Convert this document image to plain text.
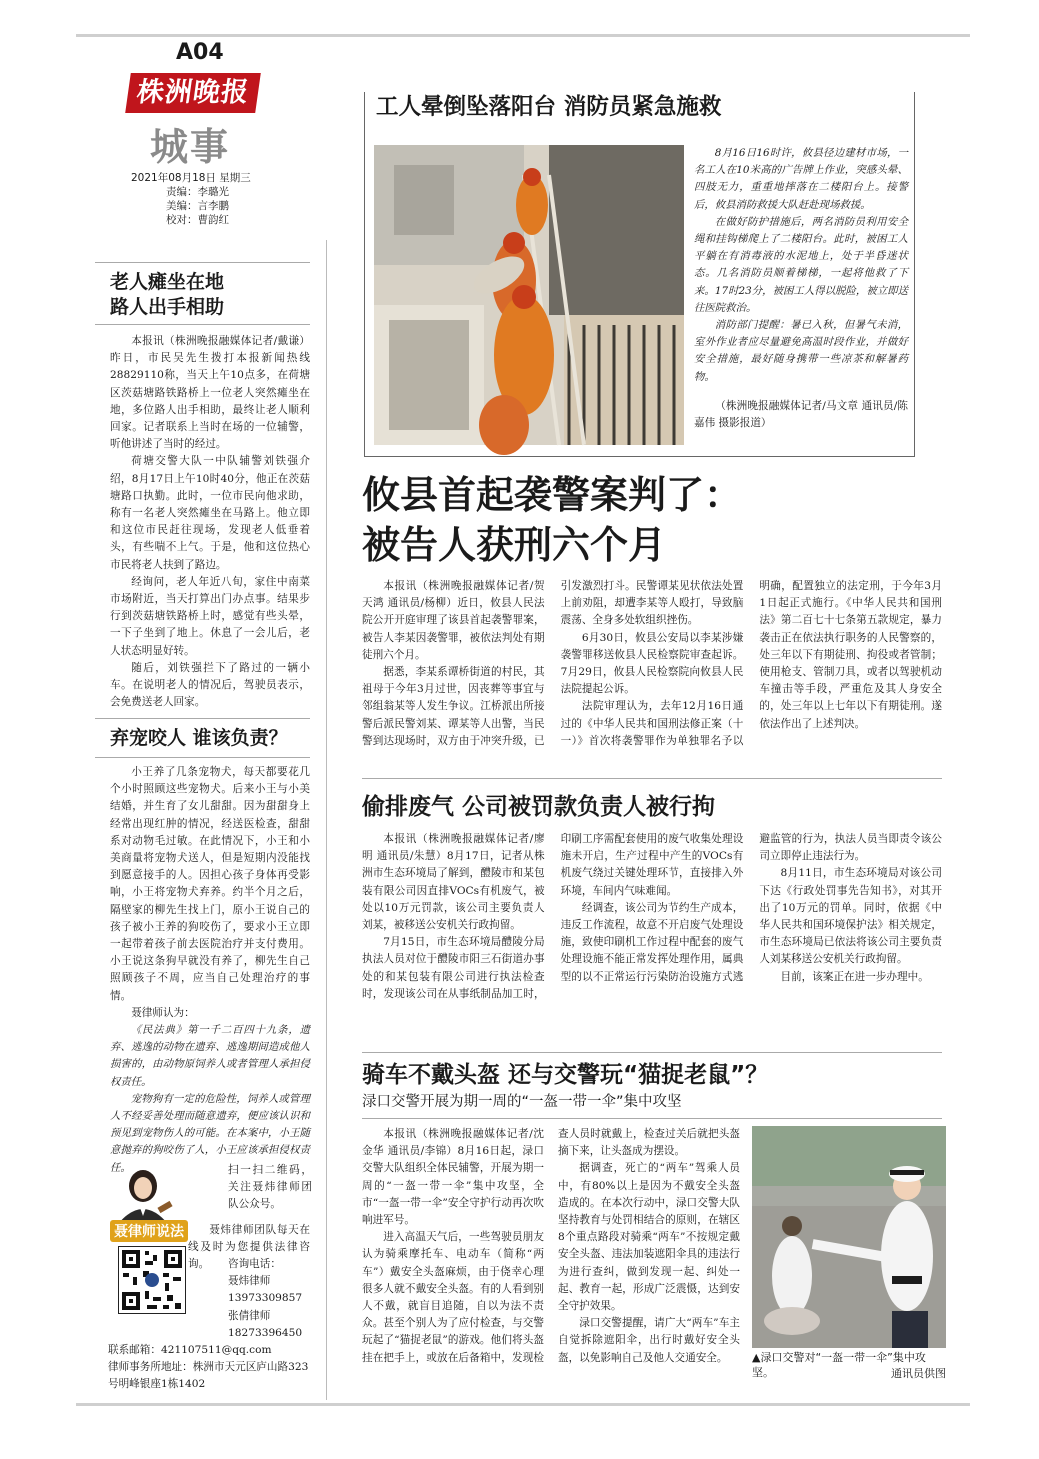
A04
株洲晚报
城事
2021年08月18日 星期三
责编：李璐光
美编：言李鹏
校对：曹韵红
老人瘫坐在地
路人出手相助

本报讯（株洲晚报融媒体记者/戴谦）昨日，市民吴先生拨打本报新闻热线28829110称，当天上午10点多，在荷塘区茨菇塘路铁路桥上一位老人突然瘫坐在地，多位路人出手相助，最终让老人顺利回家。记者联系上当时在场的一位辅警，听他讲述了当时的经过。

荷塘交警大队一中队辅警刘铁强介绍，8月17日上午10时40分，他正在茨菇塘路口执勤。此时，一位市民向他求助，称有一名老人突然瘫坐在马路上。他立即和这位市民赶往现场，发现老人低垂着头，有些喘不上气。于是，他和这位热心市民将老人扶到了路边。

经询问，老人年近八旬，家住中南菜市场附近，当天打算出门办点事。结果步行到茨菇塘铁路桥上时，感觉有些头晕，一下子坐到了地上。休息了一会儿后，老人状态明显好转。

随后，刘铁强拦下了路过的一辆小车。在说明老人的情况后，驾驶员表示，会免费送老人回家。

弃宠咬人 谁该负责？

小王养了几条宠物犬，每天都要花几个小时照顾这些宠物犬。后来小王与小美结婚，并生育了女儿甜甜。因为甜甜身上经常出现红肿的情况，经送医检查，甜甜系对动物毛过敏。在此情况下，小王和小美商量将宠物犬送人，但是短期内没能找到愿意接手的人。因担心孩子身体再受影响，小王将宠物犬弃养。约半个月之后，隔壁家的柳先生找上门，原小王说自己的孩子被小王养的狗咬伤了，要求小王立即一起带着孩子前去医院治疗并支付费用。小王说这条狗早就没有养了，柳先生自己照顾孩子不周，应当自己处理治疗的事情。

聂律师认为：

《民法典》第一千二百四十九条，遗弃、逃逸的动物在遗弃、逃逸期间造成他人损害的，由动物原饲养人或者管理人承担侵权责任。

宠物狗有一定的危险性，饲养人或管理人不经妥善处理而随意遗弃，便应该认识和预见到宠物伤人的可能。在本案中，小王随意抛弃的狗咬伤了人，小王应该承担侵权责任。

聂律师说法
扫一扫二维码，关注聂炜律师团队公众号。
聂炜律师团队每天在线及时为您提供法律咨询。	咨询电话：
聂炜律师
13973309857
张倩律师
18273396450
联系邮箱：421107511@qq.com
律师事务所地址：株洲市天元区庐山路323号明峰银座1栋1402
工人晕倒坠落阳台 消防员紧急施救

8月16日16时许，攸县径边建材市场，一名工人在10米高的广告牌上作业，突感头晕、四肢无力，重重地摔落在二楼阳台上。接警后，攸县消防救援大队赶赴现场救援。

在做好防护措施后，两名消防员利用安全绳和挂钩梯爬上了二楼阳台。此时，被困工人平躺在有消毒液的水泥地上，处于半昏迷状态。几名消防员顺着梯梯，一起将他救了下来。17时23分，被困工人得以脱险，被立即送往医院救治。

消防部门提醒：暑已入秋，但暑气未消，室外作业者应尽量避免高温时段作业，并做好安全措施，最好随身携带一些凉茶和解暑药物。

（株洲晚报融媒体记者/马文章 通讯员/陈嘉伟 摄影报道）
攸县首起袭警案判了：
被告人获刑六个月

本报讯（株洲晚报融媒体记者/贺天鸿 通讯员/杨柳）近日，攸县人民法院公开开庭审理了该县首起袭警罪案，被告人李某因袭警罪，被依法判处有期徒刑六个月。

据悉，李某系谭桥街道的村民，其祖母于今年3月过世，因丧葬等事宜与邻组翁某等人发生争议。江桥派出所接警后派民警刘某、谭某等人出警，当民警到达现场时，双方由于冲突升级，已引发激烈打斗。民警谭某见状依法处置上前劝阻，却遭李某等人殴打，导致脑震荡、全身多处软组织挫伤。

6月30日，攸县公安局以李某涉嫌袭警罪移送攸县人民检察院审查起诉。7月29日，攸县人民检察院向攸县人民法院提起公诉。

法院审理认为，去年12月16日通过的《中华人民共和国刑法修正案（十一）》首次将袭警罪作为单独罪名予以明确，配置独立的法定刑，于今年3月1日起正式施行。《中华人民共和国刑法》第二百七十七条第五款规定，暴力袭击正在依法执行职务的人民警察的，处三年以下有期徒刑、拘役或者管制；使用枪支、管制刀具，或者以驾驶机动车撞击等手段，严重危及其人身安全的，处三年以上七年以下有期徒刑。遂依法作出了上述判决。

偷排废气 公司被罚款负责人被行拘

本报讯（株洲晚报融媒体记者/廖明 通讯员/朱慧）8月17日，记者从株洲市生态环境局了解到，醴陵市和某包装有限公司因直排VOCs有机废气，被处以10万元罚款，该公司主要负责人刘某，被移送公安机关行政拘留。

7月15日，市生态环境局醴陵分局执法人员对位于醴陵市阳三石街道办事处的和某包装有限公司进行执法检查时，发现该公司在从事纸制品加工时，印刷工序需配套使用的废气收集处理设施未开启，生产过程中产生的VOCs有机废气绕过关键处理环节，直接排入外环境，车间内气味难闻。

经调查，该公司为节约生产成本，违反工作流程，故意不开启废气处理设施，致使印刷机工作过程中配套的废气处理设施不能正常发挥处理作用，属典型的以不正常运行污染防治设施方式逃避监管的行为，执法人员当即责令该公司立即停止违法行为。

8月11日，市生态环境局对该公司下达《行政处罚事先告知书》，对其开出了10万元的罚单。同时，依据《中华人民共和国环境保护法》相关规定，市生态环境局已依法将该公司主要负责人刘某移送公安机关行政拘留。

目前，该案正在进一步办理中。

骑车不戴头盔 还与交警玩“猫捉老鼠”？
渌口交警开展为期一周的“一盔一带一伞”集中攻坚

本报讯（株洲晚报融媒体记者/沈金华 通讯员/李锦）8月16日起，渌口交警大队组织全体民辅警，开展为期一周的“一盔一带一伞”集中攻坚，全市“一盔一带一伞”安全守护行动再次吹响进军号。

进入高温天气后，一些驾驶员朋友认为骑乘摩托车、电动车（简称“两车”）戴安全头盔麻烦，由于侥幸心理很多人就不戴安全头盔。有的人看到别人不戴，就盲目追随，自以为法不责众。甚至个别人为了应付检查，与交警玩起了“猫捉老鼠”的游戏。他们将头盔挂在把手上，或放在后备箱中，发现检查人员时就戴上，检查过关后就把头盔摘下来，让头盔成为摆设。

据调查，死亡的“两车”驾乘人员中，有80%以上是因为不戴安全头盔造成的。在本次行动中，渌口交警大队坚持教育与处罚相结合的原则，在辖区8个重点路段对骑乘“两车”不按规定戴安全头盔、违法加装遮阳伞具的违法行为进行查纠，做到发现一起、纠处一起、教育一起，形成广泛震慑，达到安全守护效果。

渌口交警提醒，请广大“两车”车主自觉拆除遮阳伞，出行时戴好安全头盔，以免影响自己及他人交通安全。	▲渌口交警对“一盔一带一伞”集中攻坚。	通讯员供图
